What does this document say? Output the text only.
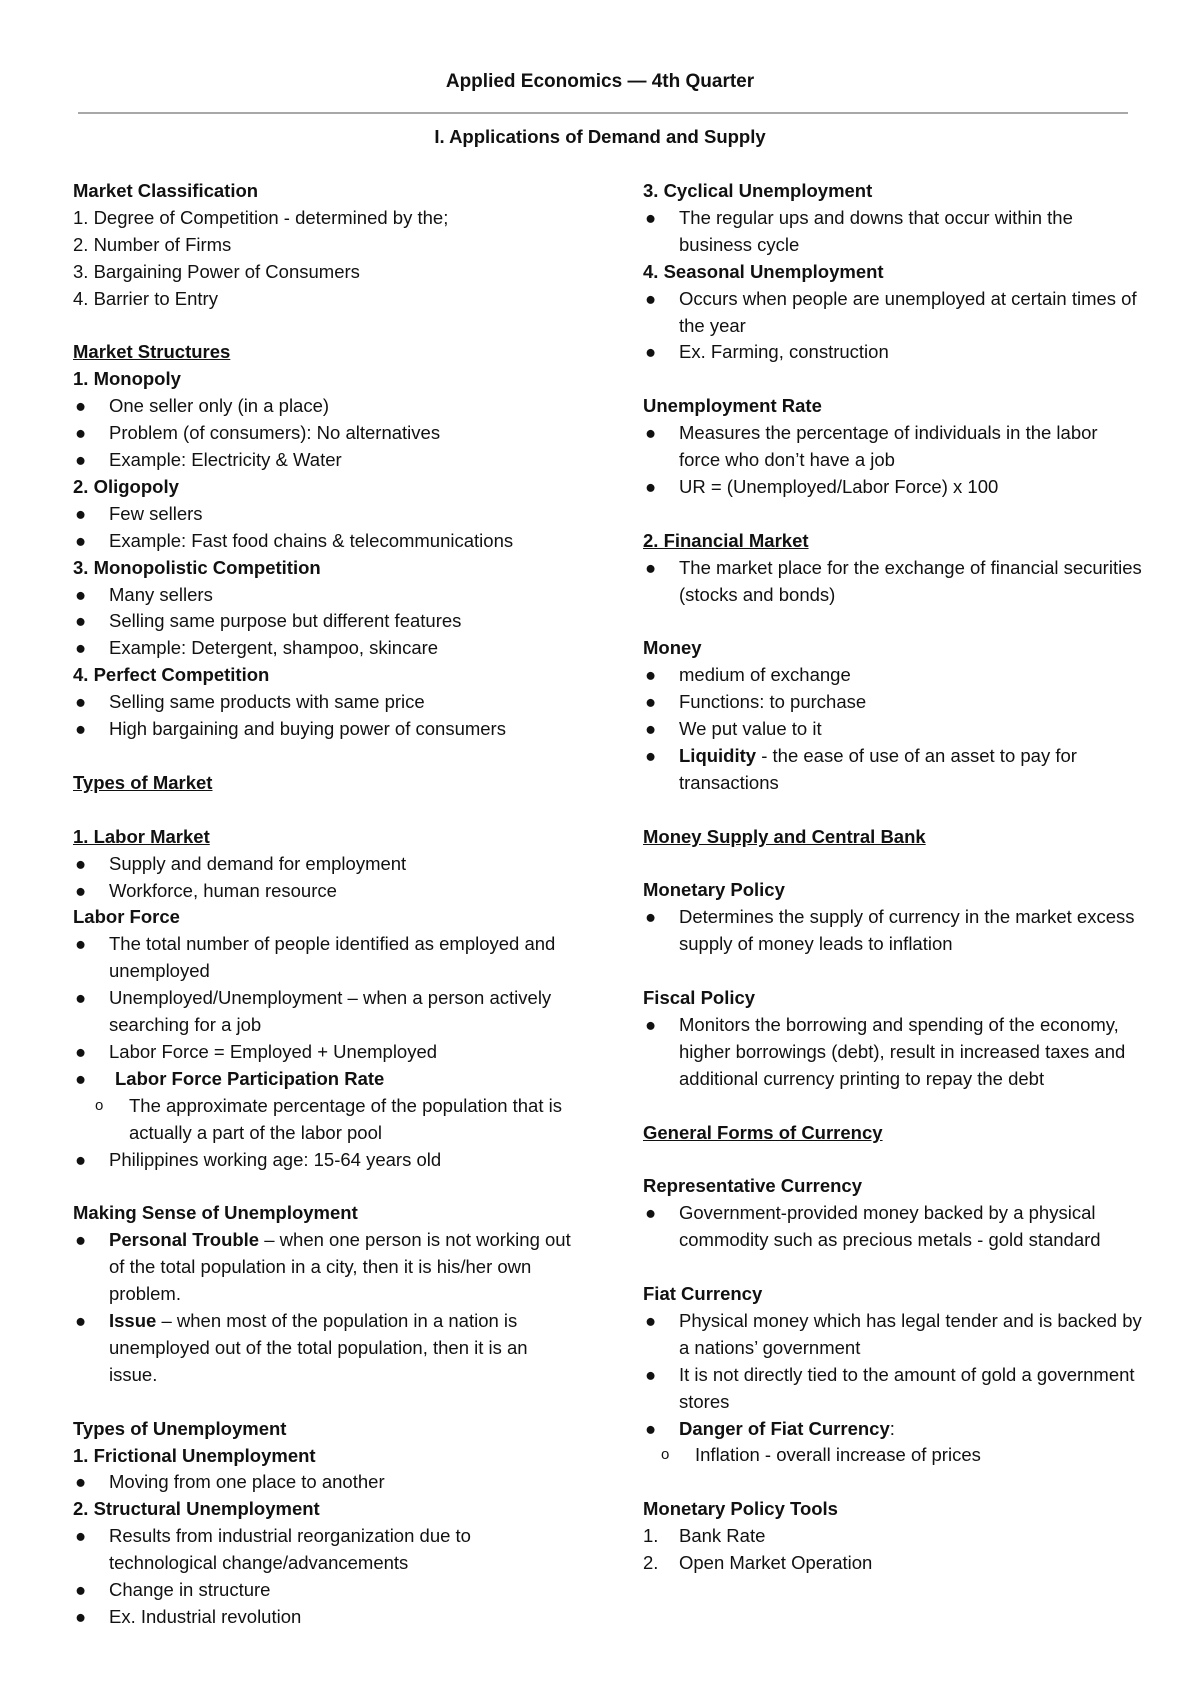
Applied Economics — 4th Quarter
I. Applications of Demand and Supply
Market Classification
1. Degree of Competition - determined by the;
2. Number of Firms
3. Bargaining Power of Consumers
4. Barrier to Entry
Market Structures
1. Monopoly
● One seller only (in a place)
● Problem (of consumers): No alternatives
● Example: Electricity & Water
2. Oligopoly
● Few sellers
● Example: Fast food chains & telecommunications
3. Monopolistic Competition
● Many sellers
● Selling same purpose but different features
● Example: Detergent, shampoo, skincare
4. Perfect Competition
● Selling same products with same price
● High bargaining and buying power of consumers
Types of Market
1. Labor Market
● Supply and demand for employment
● Workforce, human resource
Labor Force
● The total number of people identified as employed and unemployed
● Unemployed/Unemployment – when a person actively searching for a job
● Labor Force = Employed + Unemployed
● Labor Force Participation Rate
o The approximate percentage of the population that is actually a part of the labor pool
● Philippines working age: 15-64 years old
Making Sense of Unemployment
● Personal Trouble – when one person is not working out of the total population in a city, then it is his/her own problem.
● Issue – when most of the population in a nation is unemployed out of the total population, then it is an issue.
Types of Unemployment
1. Frictional Unemployment
● Moving from one place to another
2. Structural Unemployment
● Results from industrial reorganization due to technological change/advancements
● Change in structure
● Ex. Industrial revolution
3. Cyclical Unemployment
● The regular ups and downs that occur within the business cycle
4. Seasonal Unemployment
● Occurs when people are unemployed at certain times of the year
● Ex. Farming, construction
Unemployment Rate
● Measures the percentage of individuals in the labor force who don’t have a job
● UR = (Unemployed/Labor Force) x 100
2. Financial Market
● The market place for the exchange of financial securities (stocks and bonds)
Money
● medium of exchange
● Functions: to purchase
● We put value to it
● Liquidity - the ease of use of an asset to pay for transactions
Money Supply and Central Bank
Monetary Policy
● Determines the supply of currency in the market excess supply of money leads to inflation
Fiscal Policy
● Monitors the borrowing and spending of the economy, higher borrowings (debt), result in increased taxes and additional currency printing to repay the debt
General Forms of Currency
Representative Currency
● Government-provided money backed by a physical commodity such as precious metals - gold standard
Fiat Currency
● Physical money which has legal tender and is backed by a nations’ government
● It is not directly tied to the amount of gold a government stores
● Danger of Fiat Currency:
o Inflation - overall increase of prices
Monetary Policy Tools
1. Bank Rate
2. Open Market Operation
